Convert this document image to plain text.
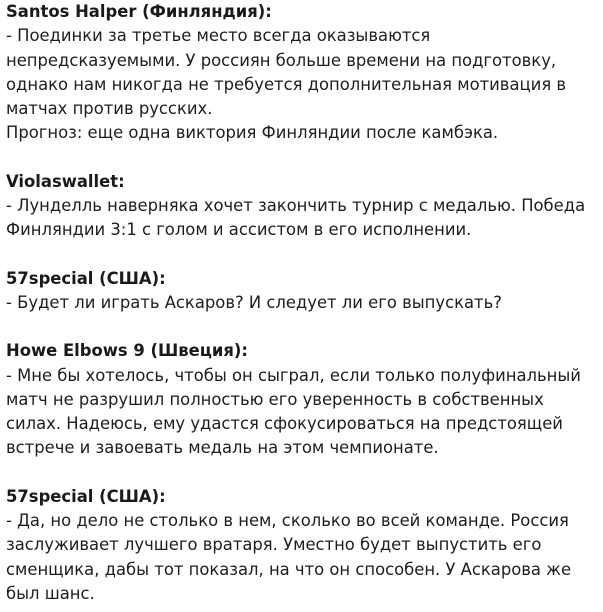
Santos Halper (Финляндия):

- Поединки за третье место всегда оказываются непредсказуемыми. У россиян больше времени на подготовку, однако нам никогда не требуется дополнительная мотивация в матчах против русских.

Прогноз: еще одна виктория Финляндии после камбэка.

Violaswallet:

- Лунделль наверняка хочет закончить турнир с медалью. Победа Финляндии 3:1 с голом и ассистом в его исполнении.

57special (США):

- Будет ли играть Аскаров? И следует ли его выпускать?

Howe Elbows 9 (Швеция):

- Мне бы хотелось, чтобы он сыграл, если только полуфинальный матч не разрушил полностью его уверенность в собственных силах. Надеюсь, ему удастся сфокусироваться на предстоящей встрече и завоевать медаль на этом чемпионате.

57special (США):

- Да, но дело не столько в нем, сколько во всей команде. Россия заслуживает лучшего вратаря. Уместно будет выпустить его сменщика, дабы тот показал, на что он способен. У Аскарова же был шанс.
